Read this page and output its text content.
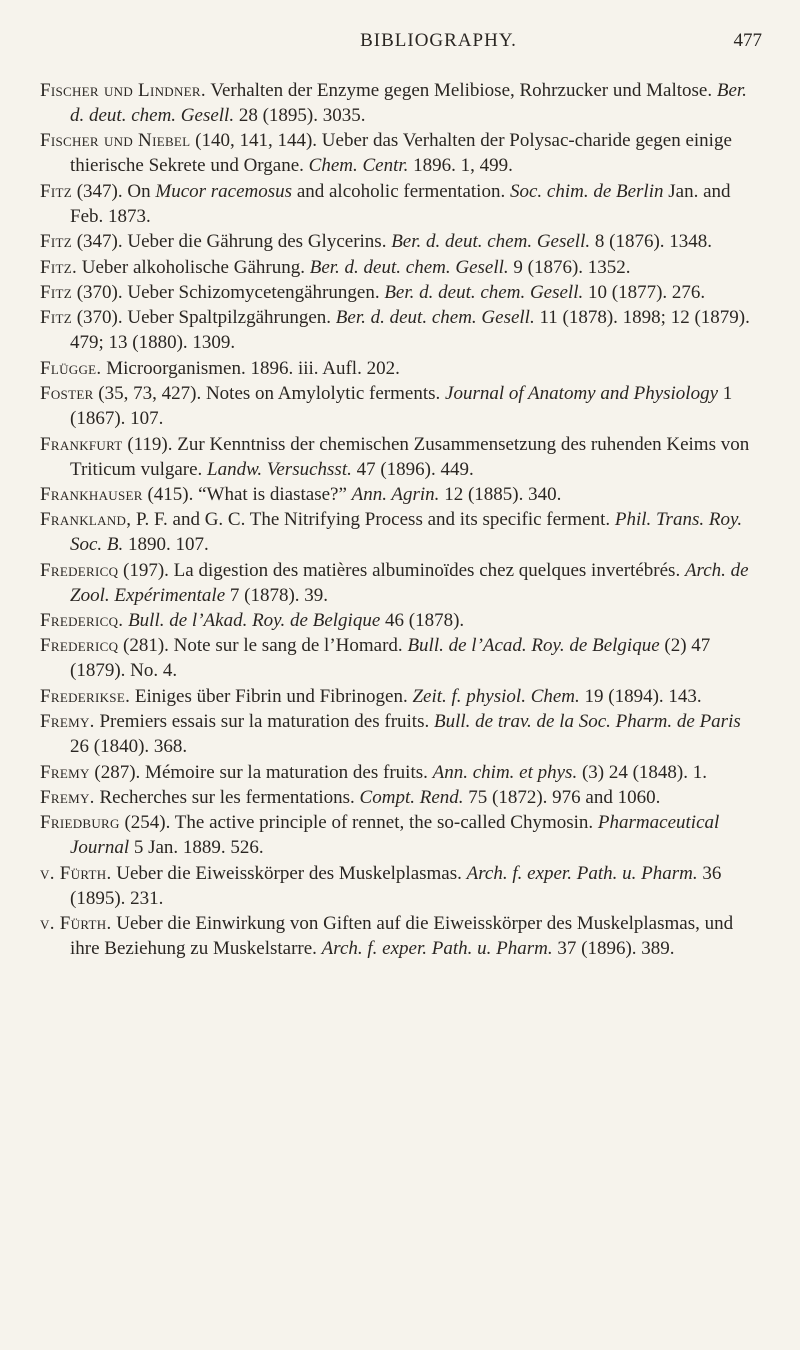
BIBLIOGRAPHY.	477

Fischer und Lindner. Verhalten der Enzyme gegen Melibiose, Rohrzucker und Maltose. Ber. d. deut. chem. Gesell. 28 (1895). 3035.

Fischer und Niebel (140, 141, 144). Ueber das Verhalten der Polysac-charide gegen einige thierische Sekrete und Organe. Chem. Centr. 1896. 1, 499.

Fitz (347). On Mucor racemosus and alcoholic fermentation. Soc. chim. de Berlin Jan. and Feb. 1873.

Fitz (347). Ueber die Gährung des Glycerins. Ber. d. deut. chem. Gesell. 8 (1876). 1348.

Fitz. Ueber alkoholische Gährung. Ber. d. deut. chem. Gesell. 9 (1876). 1352.

Fitz (370). Ueber Schizomycetengährungen. Ber. d. deut. chem. Gesell. 10 (1877). 276.

Fitz (370). Ueber Spaltpilzgährungen. Ber. d. deut. chem. Gesell. 11 (1878). 1898; 12 (1879). 479; 13 (1880). 1309.

Flügge. Microorganismen. 1896. iii. Aufl. 202.

Foster (35, 73, 427). Notes on Amylolytic ferments. Journal of Anatomy and Physiology 1 (1867). 107.

Frankfurt (119). Zur Kenntniss der chemischen Zusammensetzung des ruhenden Keims von Triticum vulgare. Landw. Versuchsst. 47 (1896). 449.

Frankhauser (415). “What is diastase?” Ann. Agrin. 12 (1885). 340.

Frankland, P. F. and G. C. The Nitrifying Process and its specific ferment. Phil. Trans. Roy. Soc. B. 1890. 107.

Fredericq (197). La digestion des matières albuminoïdes chez quelques invertébrés. Arch. de Zool. Expérimentale 7 (1878). 39.

Fredericq. Bull. de l’Akad. Roy. de Belgique 46 (1878).

Fredericq (281). Note sur le sang de l’Homard. Bull. de l’Acad. Roy. de Belgique (2) 47 (1879). No. 4.

Frederikse. Einiges über Fibrin und Fibrinogen. Zeit. f. physiol. Chem. 19 (1894). 143.

Fremy. Premiers essais sur la maturation des fruits. Bull. de trav. de la Soc. Pharm. de Paris 26 (1840). 368.

Fremy (287). Mémoire sur la maturation des fruits. Ann. chim. et phys. (3) 24 (1848). 1.

Fremy. Recherches sur les fermentations. Compt. Rend. 75 (1872). 976 and 1060.

Friedburg (254). The active principle of rennet, the so-called Chymosin. Pharmaceutical Journal 5 Jan. 1889. 526.

v. Fürth. Ueber die Eiweisskörper des Muskelplasmas. Arch. f. exper. Path. u. Pharm. 36 (1895). 231.

v. Fürth. Ueber die Einwirkung von Giften auf die Eiweisskörper des Muskelplasmas, und ihre Beziehung zu Muskelstarre. Arch. f. exper. Path. u. Pharm. 37 (1896). 389.
